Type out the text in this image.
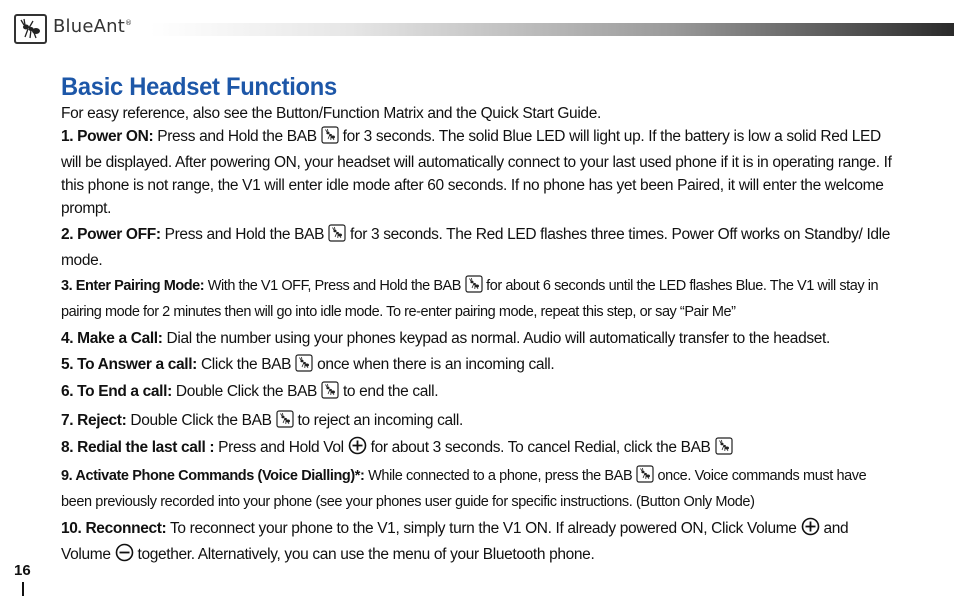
BlueAnt®
Basic Headset Functions

For easy reference, also see the Button/Function Matrix and the Quick Start Guide.

1. Power ON: Press and Hold the BAB  for 3 seconds. The solid Blue LED will light up. If the battery is low a solid Red LED will be displayed. After powering ON, your headset will automatically connect to your last used phone if it is in operating range. If this phone is not range, the V1 will enter idle mode after 60 seconds. If no phone has yet been Paired, it will enter the welcome prompt.

2. Power OFF: Press and Hold the BAB  for 3 seconds. The Red LED flashes three times. Power Off works on Standby/ Idle mode.

3. Enter Pairing Mode: With the V1 OFF, Press and Hold the BAB  for about 6 seconds until the LED flashes Blue. The V1 will stay in pairing mode for 2 minutes then will go into idle mode. To re-enter pairing mode, repeat this step, or say “Pair Me”

4. Make a Call: Dial the number using your phones keypad as normal. Audio will automatically transfer to the headset.

5. To Answer a call: Click the BAB  once when there is an incoming call.

6. To End a call: Double Click the BAB  to end the call.

7. Reject: Double Click the BAB  to reject an incoming call.

8. Redial the last call : Press and Hold Vol  for about 3 seconds. To cancel Redial, click the BAB

9. Activate Phone Commands (Voice Dialling)*: While connected to a phone, press the BAB  once. Voice commands must have been previously recorded into your phone (see your phones user guide for specific instructions. (Button Only Mode)

10. Reconnect: To reconnect your phone to the V1, simply turn the V1 ON. If already powered ON, Click Volume  and Volume  together. Alternatively, you can use the menu of your Bluetooth phone.

16
